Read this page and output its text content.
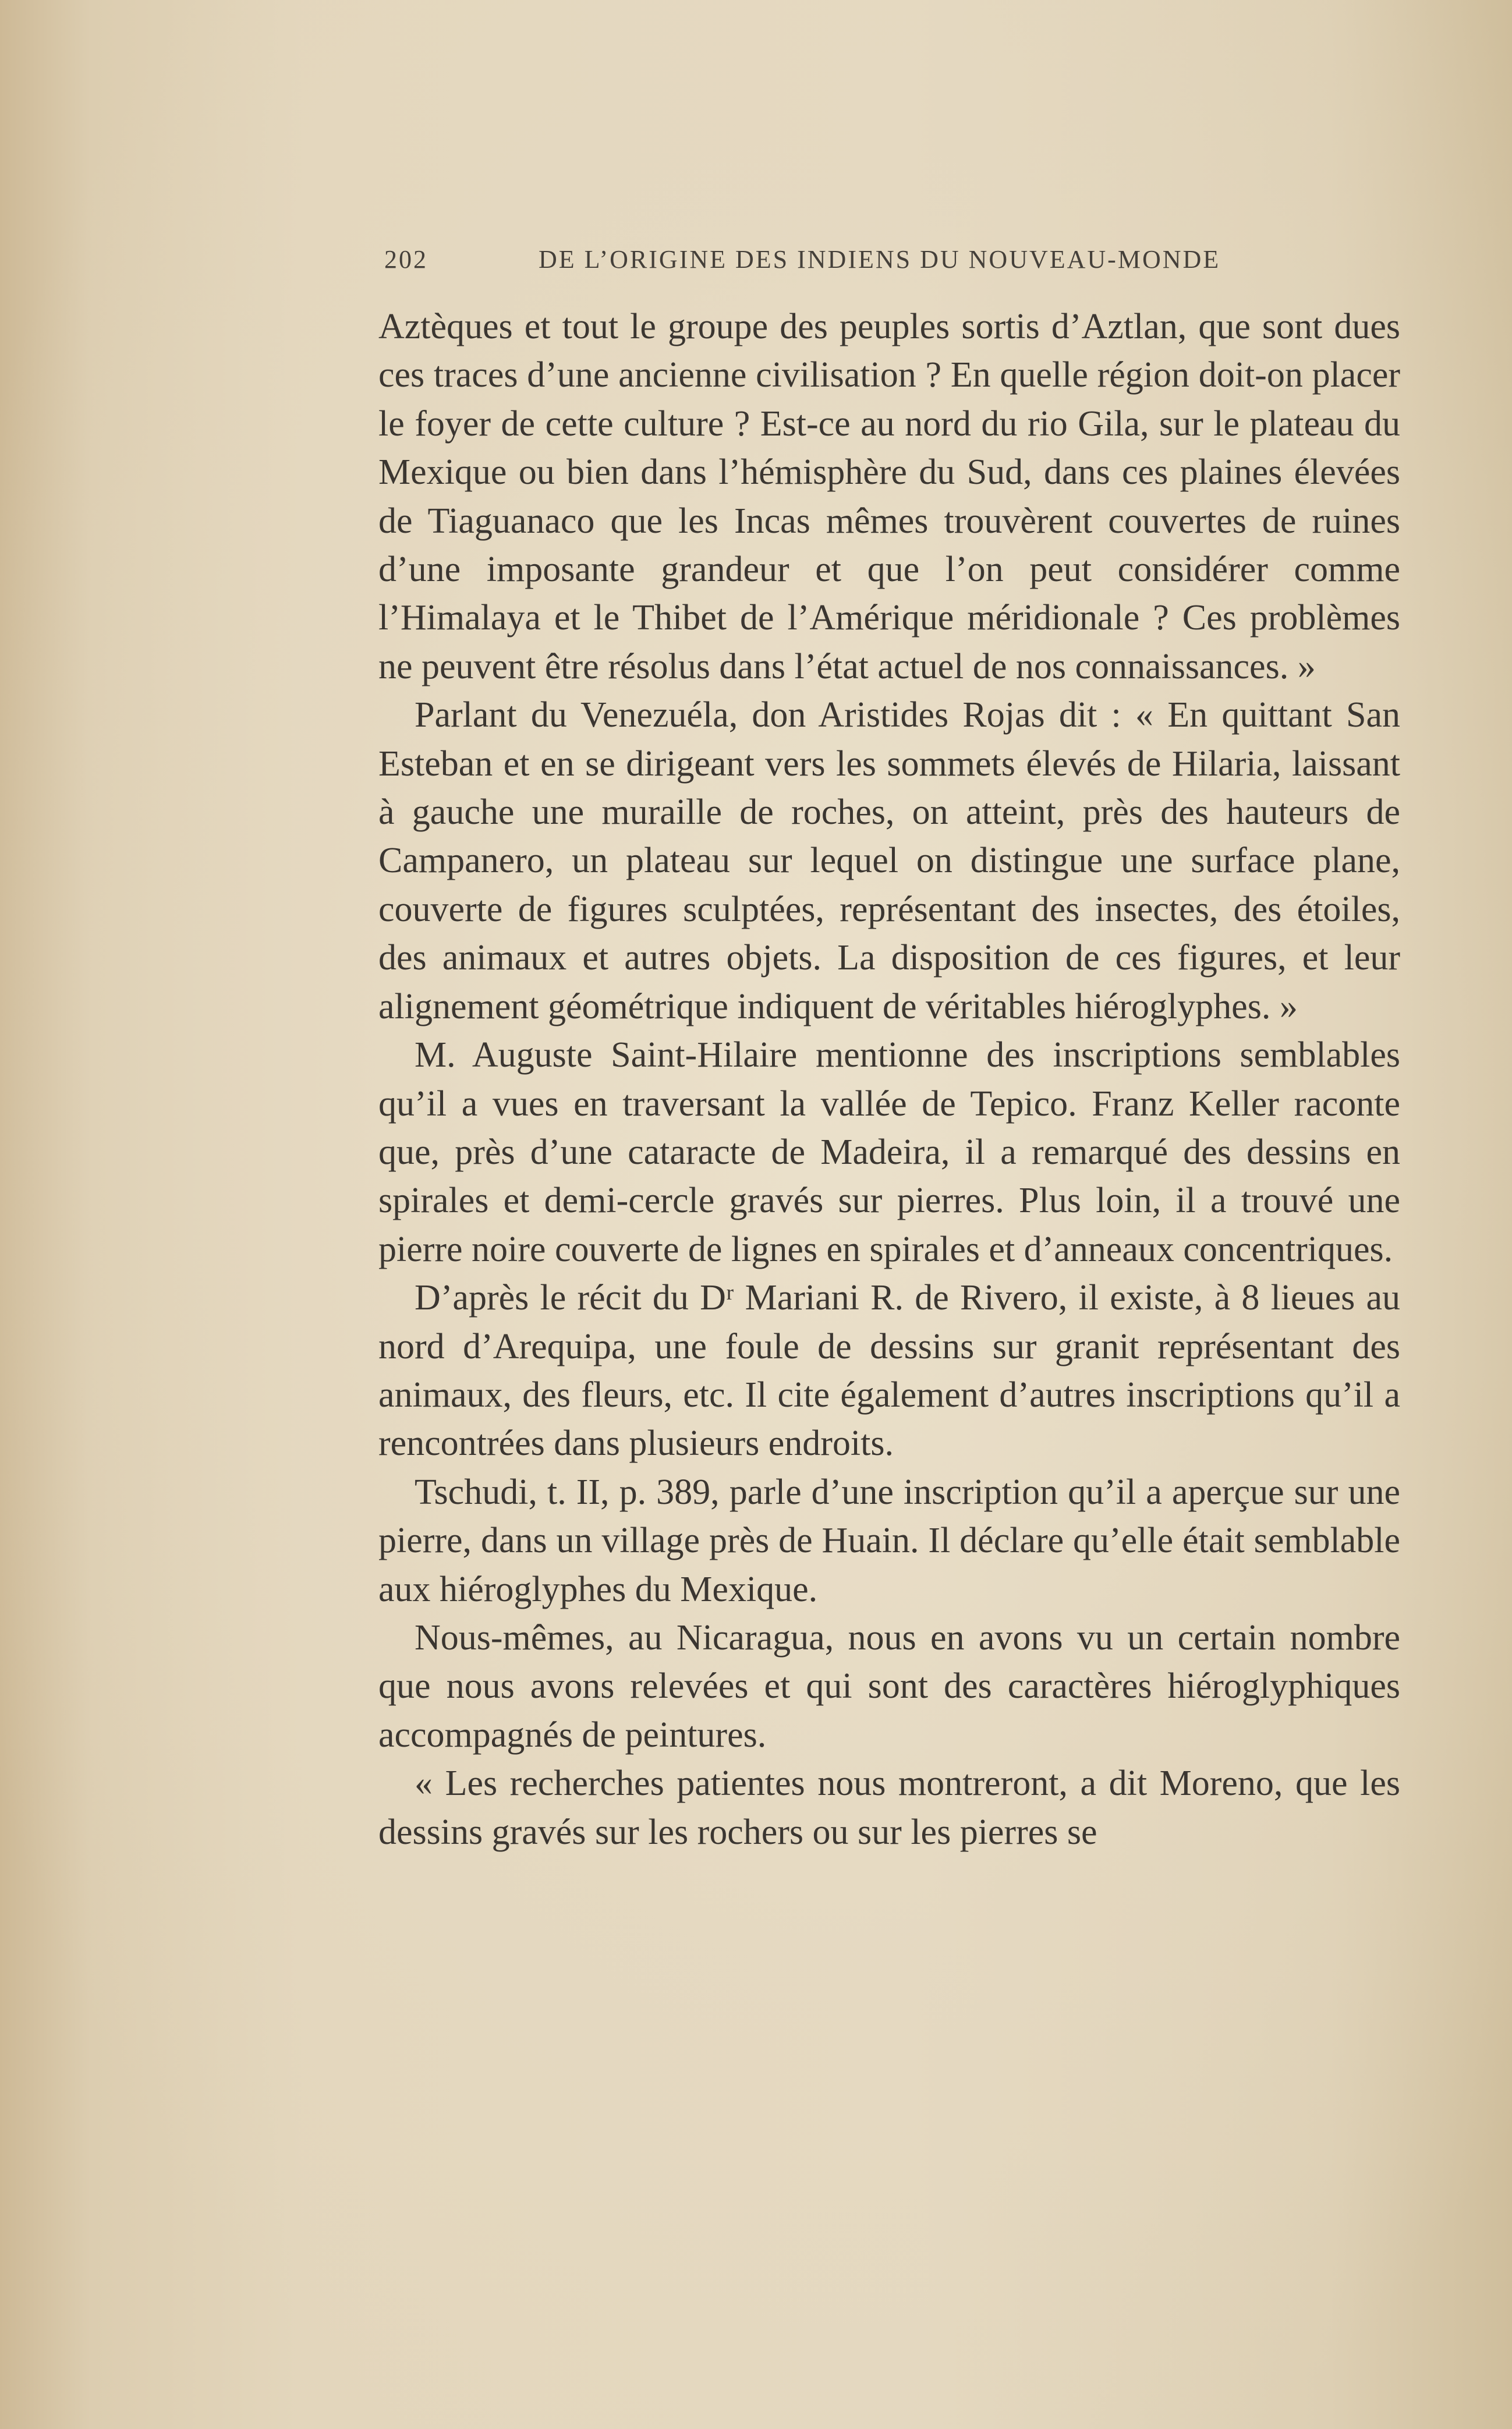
202	DE L’ORIGINE DES INDIENS DU NOUVEAU-MONDE

Aztèques et tout le groupe des peuples sortis d’Aztlan, que sont dues ces traces d’une ancienne civilisation ? En quelle région doit-on placer le foyer de cette culture ? Est-ce au nord du rio Gila, sur le plateau du Mexique ou bien dans l’hémisphère du Sud, dans ces plaines élevées de Tiaguanaco que les Incas mêmes trouvèrent couvertes de ruines d’une imposante grandeur et que l’on peut considérer comme l’Himalaya et le Thibet de l’Amérique méridionale ? Ces problèmes ne peuvent être résolus dans l’état actuel de nos connaissances. »

Parlant du Venezuéla, don Aristides Rojas dit : « En quittant San Esteban et en se dirigeant vers les sommets élevés de Hilaria, laissant à gauche une muraille de roches, on atteint, près des hauteurs de Campanero, un plateau sur lequel on distingue une surface plane, couverte de figures sculptées, représentant des insectes, des étoiles, des animaux et autres objets. La disposition de ces figures, et leur alignement géométrique indiquent de véritables hiéroglyphes. »

M. Auguste Saint-Hilaire mentionne des inscriptions semblables qu’il a vues en traversant la vallée de Tepico. Franz Keller raconte que, près d’une cataracte de Madeira, il a remarqué des dessins en spirales et demi-cercle gravés sur pierres. Plus loin, il a trouvé une pierre noire couverte de lignes en spirales et d’anneaux concentriques.

D’après le récit du Dʳ Mariani R. de Rivero, il existe, à 8 lieues au nord d’Arequipa, une foule de dessins sur granit représentant des animaux, des fleurs, etc. Il cite également d’autres inscriptions qu’il a rencontrées dans plusieurs endroits.

Tschudi, t. II, p. 389, parle d’une inscription qu’il a aperçue sur une pierre, dans un village près de Huain. Il déclare qu’elle était semblable aux hiéroglyphes du Mexique.

Nous-mêmes, au Nicaragua, nous en avons vu un certain nombre que nous avons relevées et qui sont des caractères hiéroglyphiques accompagnés de peintures.

« Les recherches patientes nous montreront, a dit Moreno, que les dessins gravés sur les rochers ou sur les pierres se
